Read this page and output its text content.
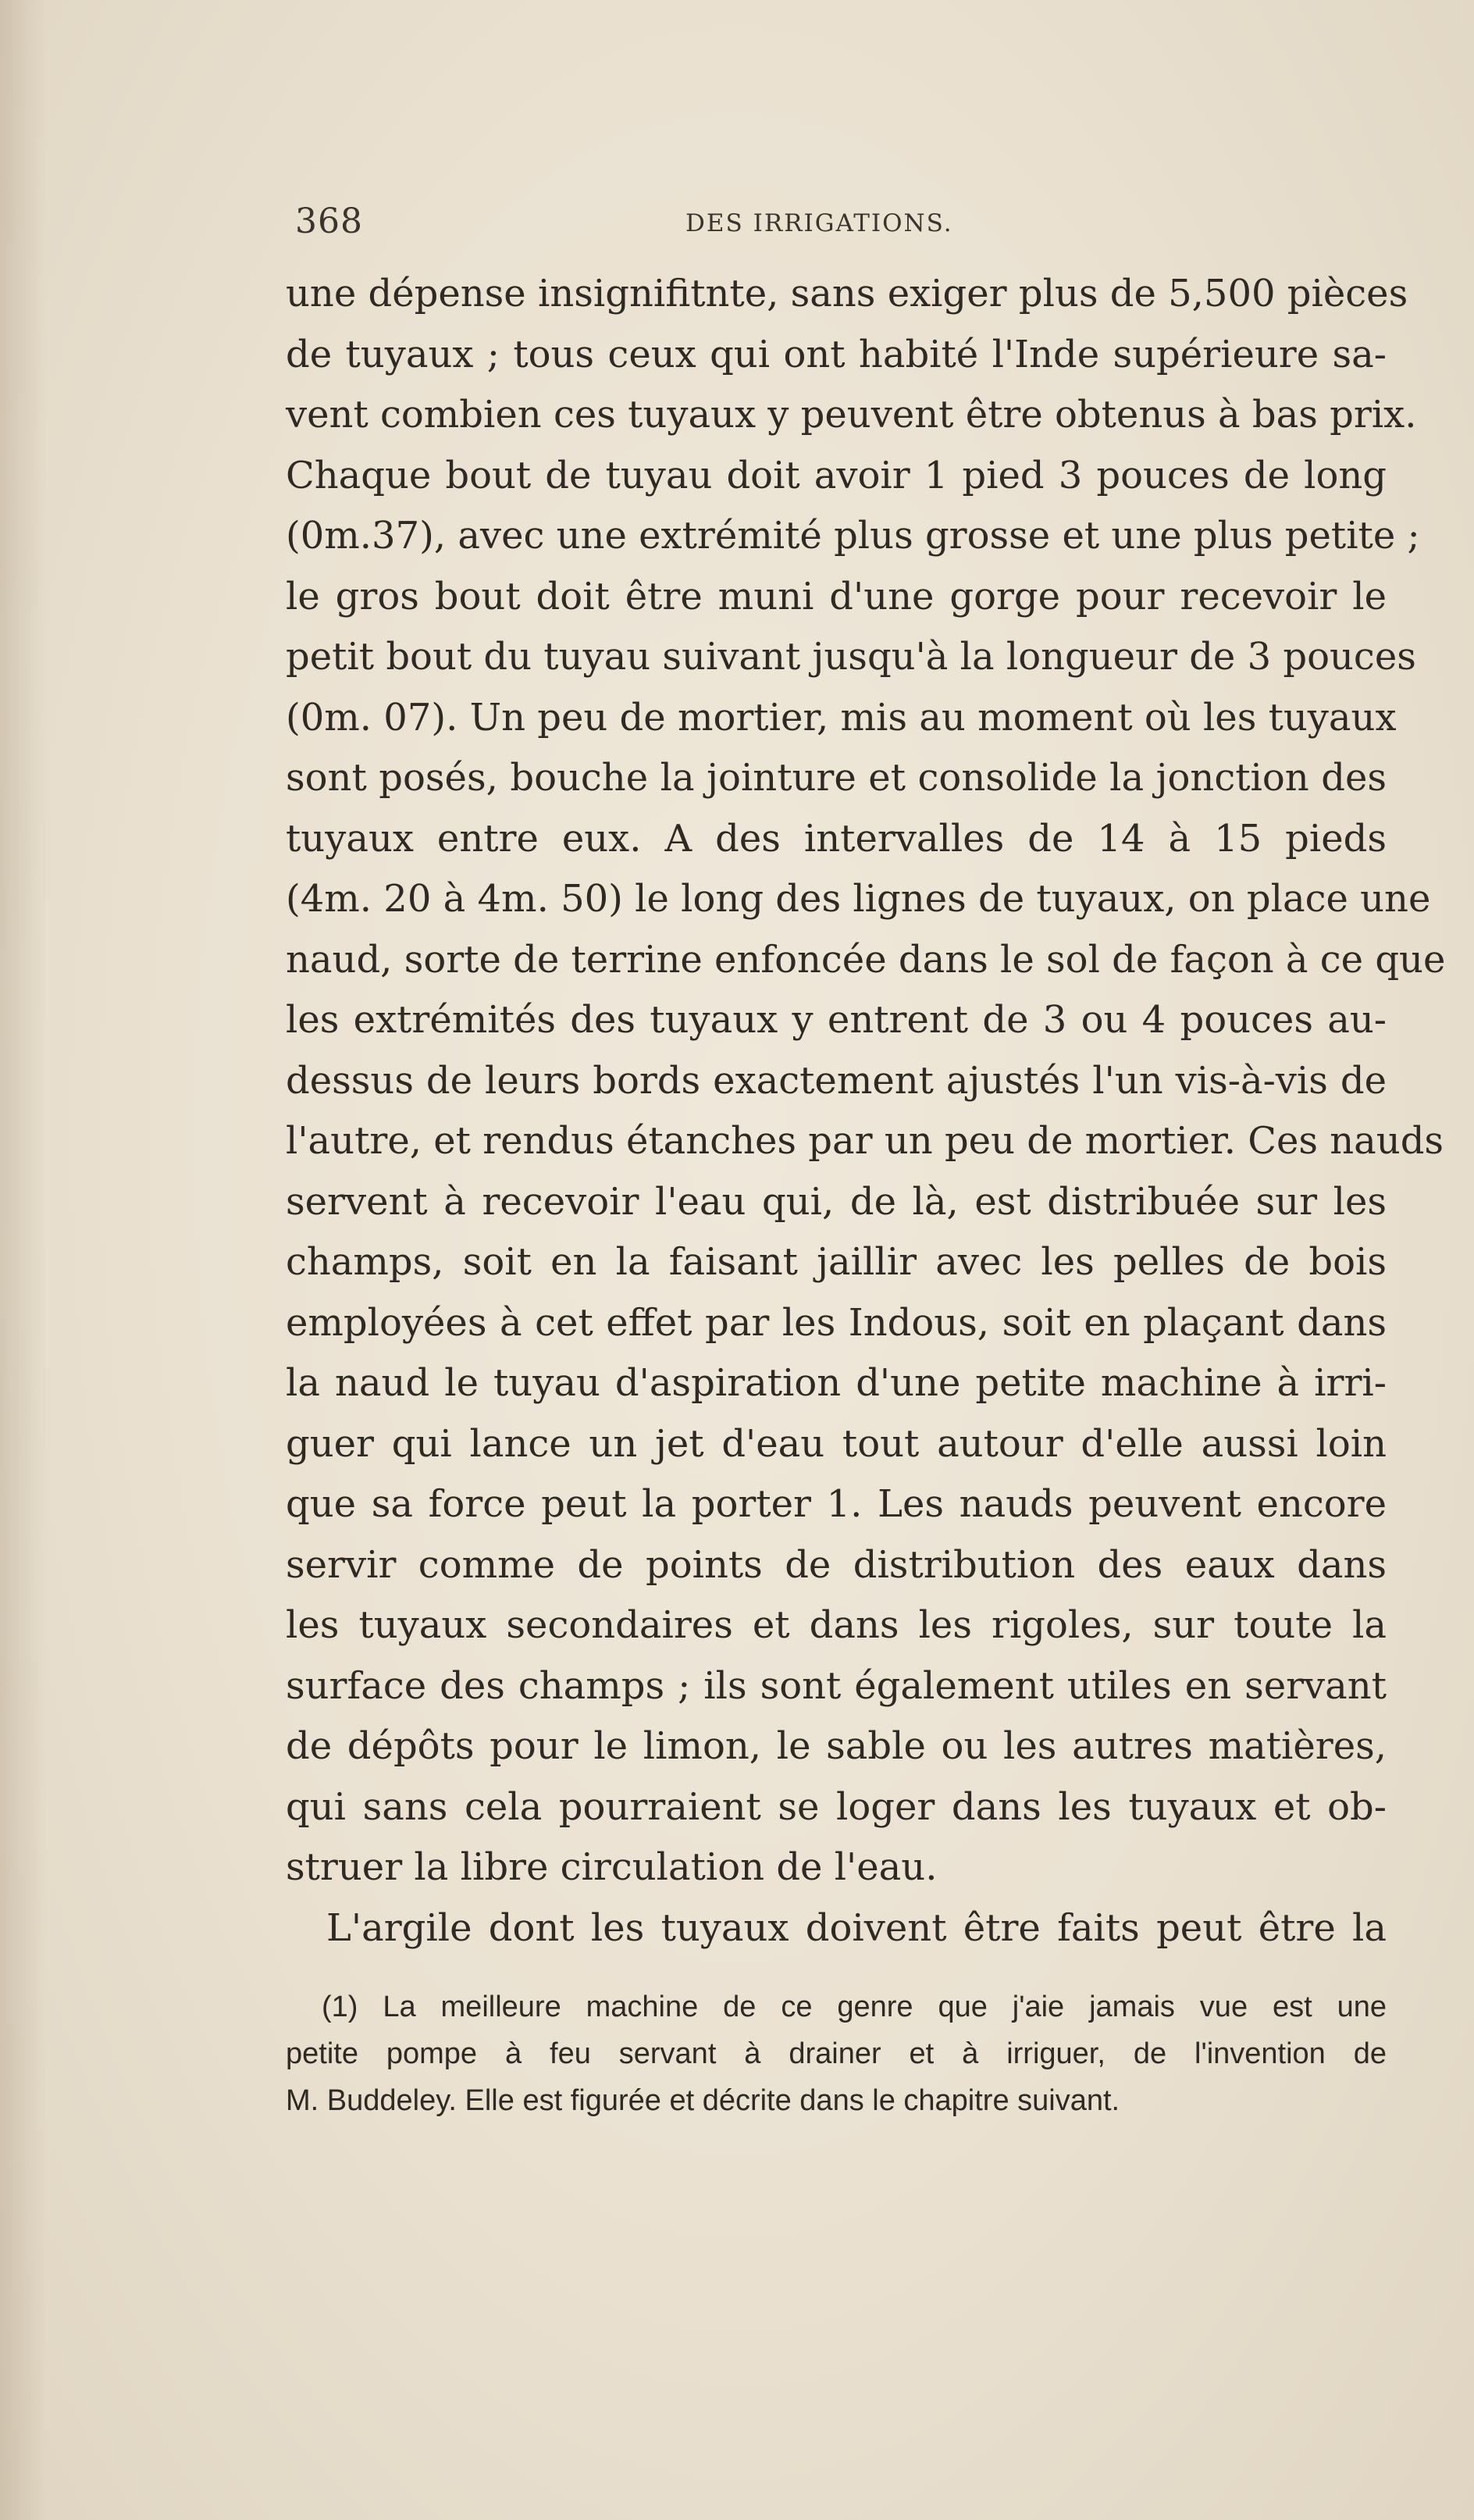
368	DES IRRIGATIONS.
une dépense insignifitnte, sans exiger plus de 5,500 pièces
de tuyaux ; tous ceux qui ont habité l'Inde supérieure sa-
vent combien ces tuyaux y peuvent être obtenus à bas prix.
Chaque bout de tuyau doit avoir 1 pied 3 pouces de long
(0m.37), avec une extrémité plus grosse et une plus petite ;
le gros bout doit être muni d'une gorge pour recevoir le
petit bout du tuyau suivant jusqu'à la longueur de 3 pouces
(0m. 07). Un peu de mortier, mis au moment où les tuyaux
sont posés, bouche la jointure et consolide la jonction des
tuyaux entre eux. A des intervalles de 14 à 15 pieds
(4m. 20 à 4m. 50) le long des lignes de tuyaux, on place une
naud, sorte de terrine enfoncée dans le sol de façon à ce que
les extrémités des tuyaux y entrent de 3 ou 4 pouces au-
dessus de leurs bords exactement ajustés l'un vis-à-vis de
l'autre, et rendus étanches par un peu de mortier. Ces nauds
servent à recevoir l'eau qui, de là, est distribuée sur les
champs, soit en la faisant jaillir avec les pelles de bois
employées à cet effet par les Indous, soit en plaçant dans
la naud le tuyau d'aspiration d'une petite machine à irri-
guer qui lance un jet d'eau tout autour d'elle aussi loin
que sa force peut la porter 1. Les nauds peuvent encore
servir comme de points de distribution des eaux dans
les tuyaux secondaires et dans les rigoles, sur toute la
surface des champs ; ils sont également utiles en servant
de dépôts pour le limon, le sable ou les autres matières,
qui sans cela pourraient se loger dans les tuyaux et ob-
struer la libre circulation de l'eau.
L'argile dont les tuyaux doivent être faits peut être la
(1) La meilleure machine de ce genre que j'aie jamais vue est une
petite pompe à feu servant à drainer et à irriguer, de l'invention de
M. Buddeley. Elle est figurée et décrite dans le chapitre suivant.
